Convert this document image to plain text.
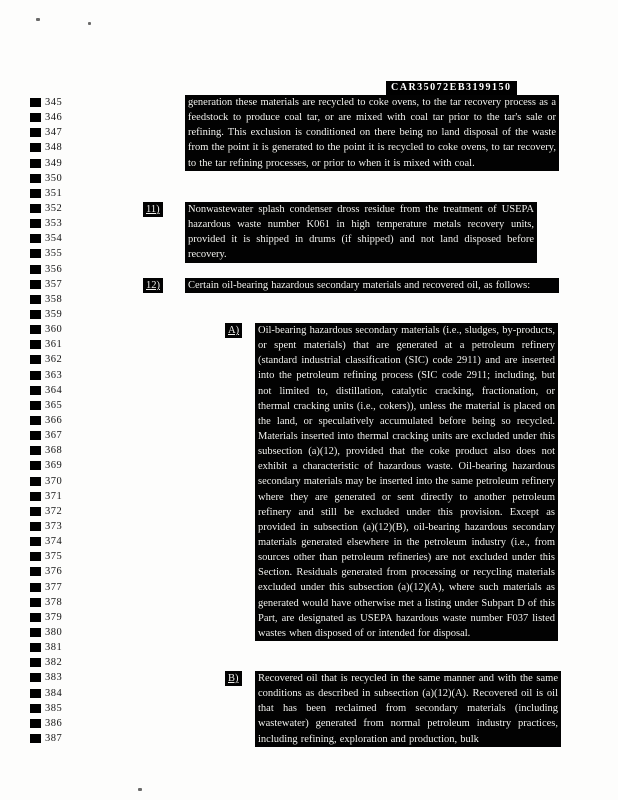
CAR35072EB3199150
345
346
347
348
349
350
351
352
353
354
355
356
357
358
359
360
361
362
363
364
365
366
367
368
369
370
371
372
373
374
375
376
377
378
379
380
381
382
383
384
385
386
387
generation these materials are recycled to coke ovens, to the tar recovery process as a feedstock to produce coal tar, or are mixed with coal tar prior to the tar's sale or refining. This exclusion is conditioned on there being no land disposal of the waste from the point it is generated to the point it is recycled to coke ovens, to tar recovery, to the tar refining processes, or prior to when it is mixed with coal.
11)	Nonwastewater splash condenser dross residue from the treatment of USEPA hazardous waste number K061 in high temperature metals recovery units, provided it is shipped in drums (if shipped) and not land disposed before recovery.
12)	Certain oil-bearing hazardous secondary materials and recovered oil, as follows:
A) Oil-bearing hazardous secondary materials (i.e., sludges, by-products, or spent materials) that are generated at a petroleum refinery (standard industrial classification (SIC) code 2911) and are inserted into the petroleum refining process (SIC code 2911; including, but not limited to, distillation, catalytic cracking, fractionation, or thermal cracking units (i.e., cokers)), unless the material is placed on the land, or speculatively accumulated before being so recycled. Materials inserted into thermal cracking units are excluded under this subsection (a)(12), provided that the coke product also does not exhibit a characteristic of hazardous waste. Oil-bearing hazardous secondary materials may be inserted into the same petroleum refinery where they are generated or sent directly to another petroleum refinery and still be excluded under this provision. Except as provided in subsection (a)(12)(B), oil-bearing hazardous secondary materials generated elsewhere in the petroleum industry (i.e., from sources other than petroleum refineries) are not excluded under this Section. Residuals generated from processing or recycling materials excluded under this subsection (a)(12)(A), where such materials as generated would have otherwise met a listing under Subpart D of this Part, are designated as USEPA hazardous waste number F037 listed wastes when disposed of or intended for disposal.
B) Recovered oil that is recycled in the same manner and with the same conditions as described in subsection (a)(12)(A). Recovered oil is oil that has been reclaimed from secondary materials (including wastewater) generated from normal petroleum industry practices, including refining, exploration and production, bulk
